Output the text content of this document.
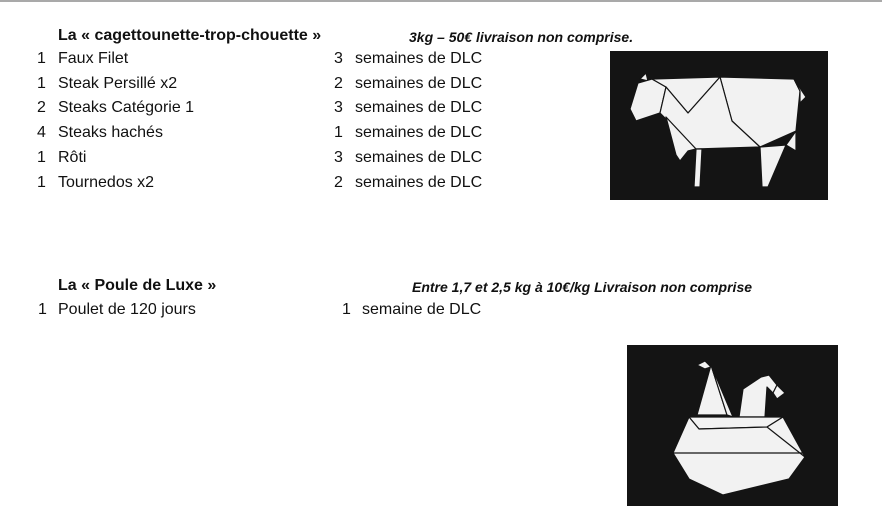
La « cagettounette-trop-chouette »	3kg – 50€ livraison non comprise.
1 Faux Filet	3 semaines de DLC
1 Steak Persillé x2	2 semaines de DLC
2 Steaks Catégorie 1	3 semaines de DLC
4 Steaks hachés	1 semaines de DLC
1 Rôti	3 semaines de DLC
1 Tournedos x2	2 semaines de DLC
La « Poule de Luxe »	Entre 1,7 et 2,5 kg à 10€/kg Livraison non comprise
1 Poulet de 120 jours	1 semaine de DLC
